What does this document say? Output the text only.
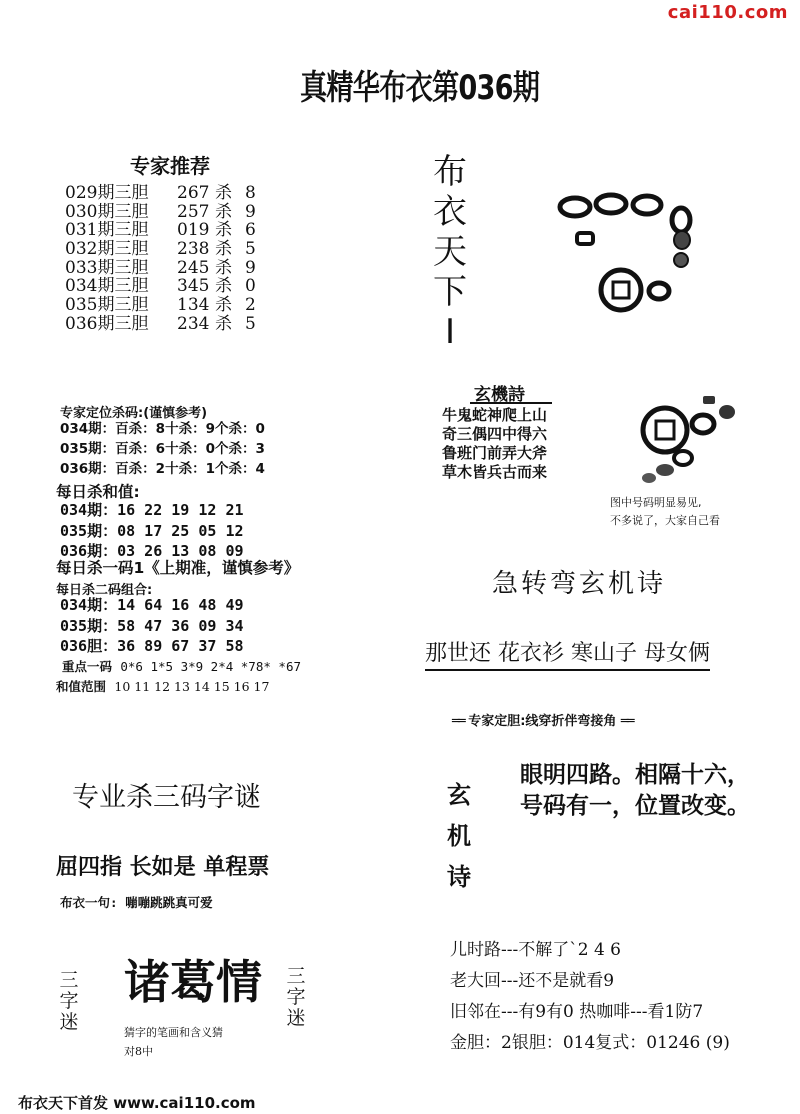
cai110.com
真精华布衣第036期
专家推荐
029期三胆 267 杀 8
030期三胆 257 杀 9
031期三胆 019 杀 6
032期三胆 238 杀 5
033期三胆 245 杀 9
034期三胆 345 杀 0
035期三胆 134 杀 2
036期三胆 234 杀 5
专家定位杀码:(谨慎参考)
034期：百杀：8十杀：9个杀：0
035期：百杀：6十杀：0个杀：3
036期：百杀：2十杀：1个杀：4
每日杀和值:
034期：16 22 19 12 21
035期：08 17 25 05 12
036期：03 26 13 08 09
每日杀一码1《上期准，谨慎参考》
每日杀二码组合:
034期：14 64 16 48 49
035期：58 47 36 09 34
036胆：36 89 67 37 58
重点一码 0*6 1*5 3*9 2*4 *78* *67
和值范围 10 11 12 13 14 15 16 17
专业杀三码字谜
屈四指 长如是 单程票
布衣一句: 嘣嘣跳跳真可爱
三字迷
诸葛情 三字迷
猜字的笔画和含义猜
对8中
布衣天下I
玄機詩
牛鬼蛇神爬上山
奇三偶四中得六
鲁班门前弄大斧
草木皆兵古而来
图中号码明显易见,
不多说了，大家自己看
急转弯玄机诗
那世还 花衣衫 寒山子 母女俩
══ 专家定胆:线穿折伴弯接角 ══
玄机诗
眼明四路。相隔十六，
号码有一，位置改变。
儿时路---不解了`2 4 6
老大回---还不是就看9
旧邻在---有9有0 热咖啡---看1防7
金胆：2银胆：014复式：01246 (9)
布衣天下首发 www.cai110.com
